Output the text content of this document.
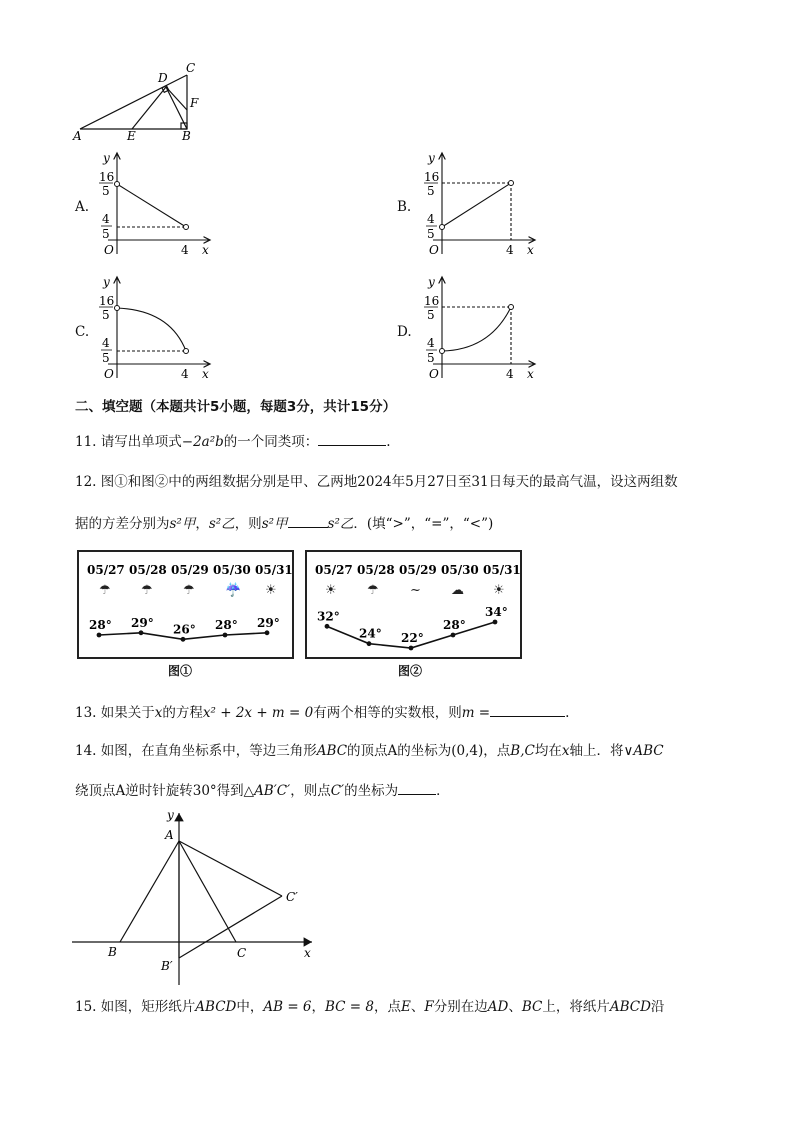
A	E	B
D
C
F
A.
y
x
O	4
16
5
4
5
B.
y
x
O	4
16
5
4
5
C.
y
x
O	4
16
5
4
5
D.
y
x
O	4
16
5
4
5
二、填空题（本题共计5小题，每题3分，共计15分）
11. 请写出单项式−2a²b的一个同类项：	.
12. 图①和图②中的两组数据分别是甲、乙两地2024年5月27日至31日每天的最高气温，设这两组数
据的方差分别为s²甲，s²乙，则s²甲	s²乙．(填“>”，“=”，“<”)
05/27 05/28 05/29 05/30 05/31
☂ ☂ ☂ ☔ ☀
28° 29° 26° 28° 29°
图①
05/27 05/28 05/29 05/30 05/31
☀ ☂ ~ ☁ ☀
32°
24° 22°
28°
34°
图②
13. 如果关于x的方程x² + 2x + m = 0有两个相等的实数根，则m =	.
14. 如图，在直角坐标系中，等边三角形ABC的顶点A的坐标为(0,4)，点B,C均在x轴上．将∨ABC
绕顶点A逆时针旋转30°得到△AB′C′，则点C′的坐标为	．
y
A
C′
B	C
B′
x
15. 如图，矩形纸片ABCD中，AB = 6，BC = 8，点E、F分别在边AD、BC上，将纸片ABCD沿
